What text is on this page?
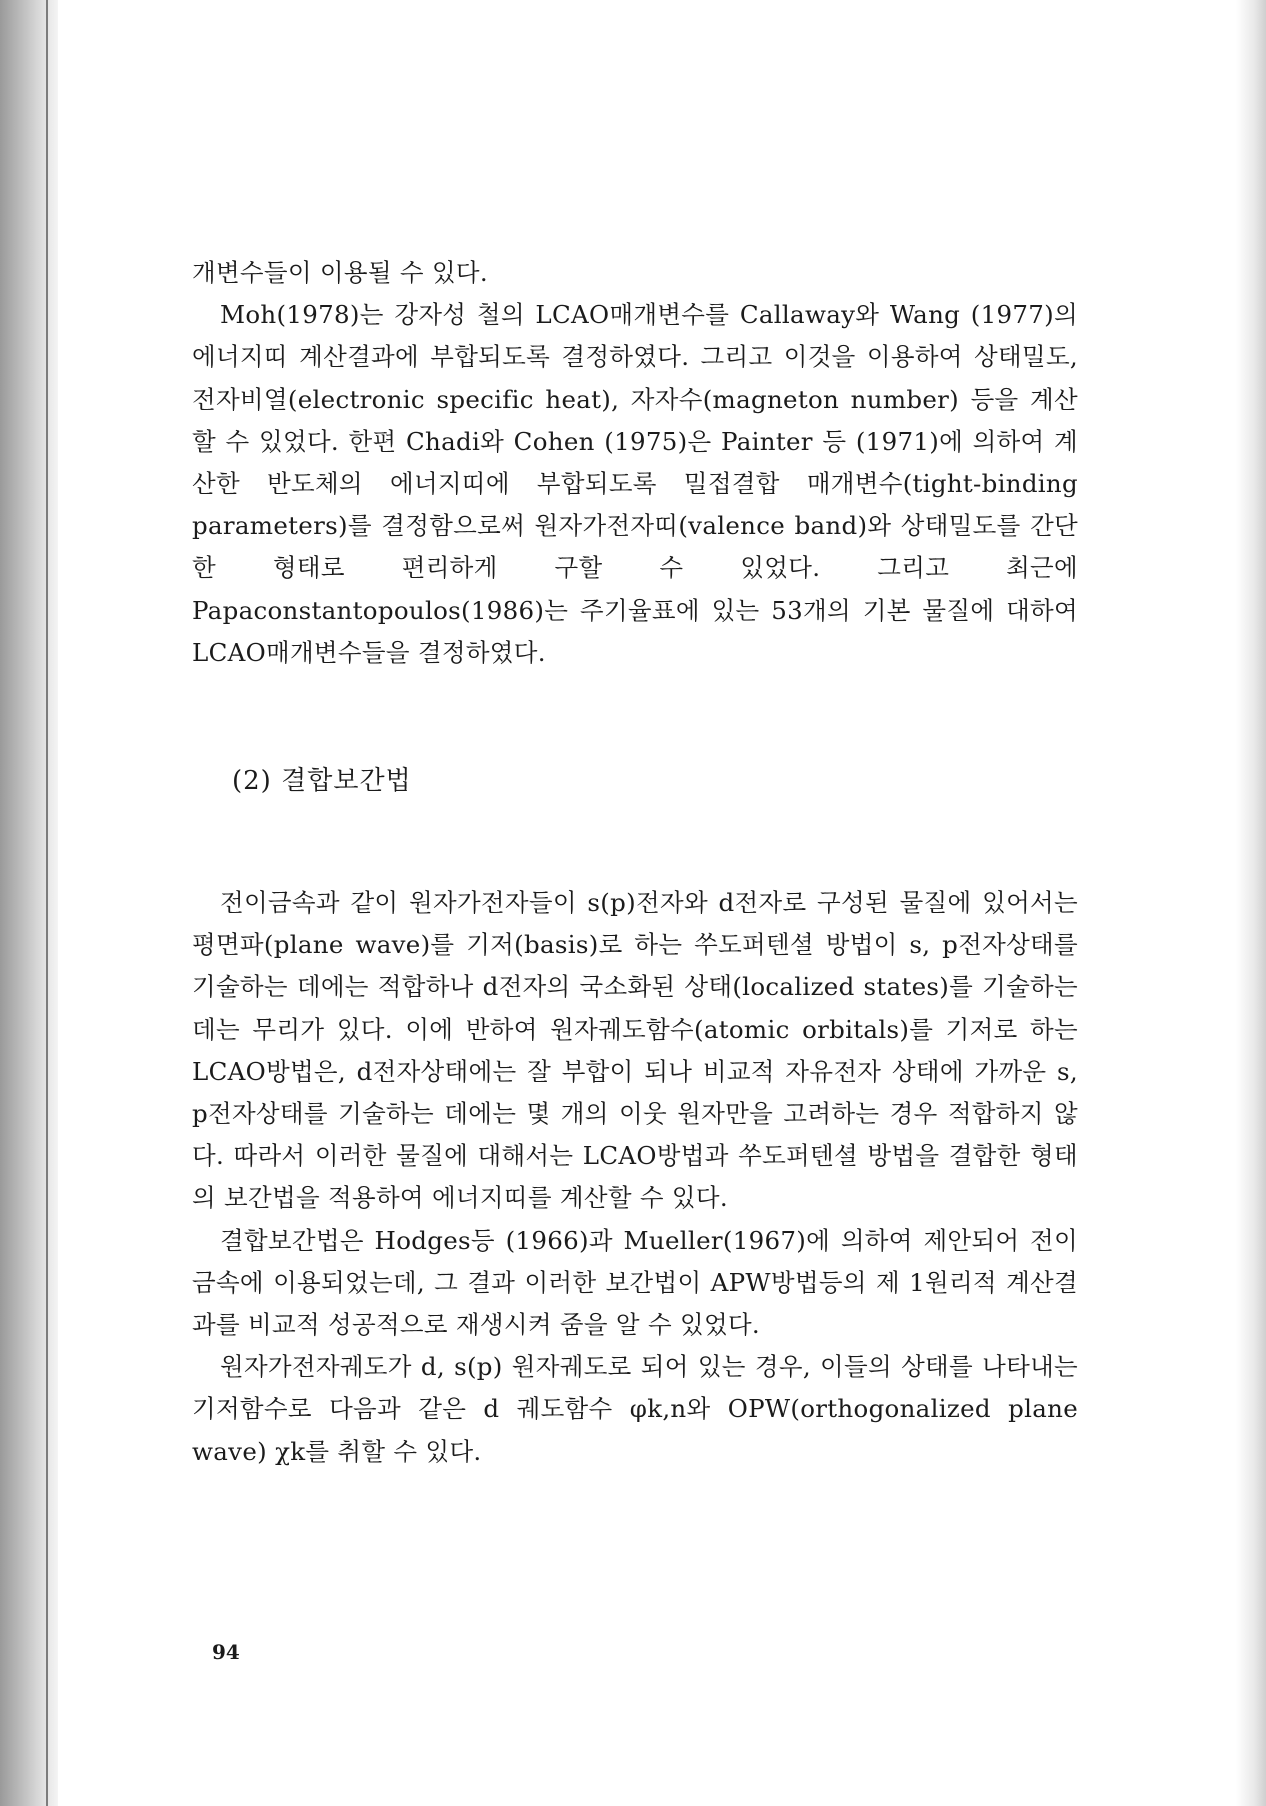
개변수들이 이용될 수 있다.

Moh(1978)는 강자성 철의 LCAO매개변수를 Callaway와 Wang (1977)의 에너지띠 계산결과에 부합되도록 결정하였다. 그리고 이것을 이용하여 상태밀도, 전자비열(electronic specific heat), 자자수(magneton number) 등을 계산할 수 있었다. 한편 Chadi와 Cohen (1975)은 Painter 등 (1971)에 의하여 계산한 반도체의 에너지띠에 부합되도록 밀접결합 매개변수(tight-binding parameters)를 결정함으로써 원자가전자띠(valence band)와 상태밀도를 간단한 형태로 편리하게 구할 수 있었다. 그리고 최근에 Papaconstantopoulos(1986)는 주기율표에 있는 53개의 기본 물질에 대하여 LCAO매개변수들을 결정하였다.

(2) 결합보간법

전이금속과 같이 원자가전자들이 s(p)전자와 d전자로 구성된 물질에 있어서는 평면파(plane wave)를 기저(basis)로 하는 쑤도퍼텐셜 방법이 s, p전자상태를 기술하는 데에는 적합하나 d전자의 국소화된 상태(localized states)를 기술하는 데는 무리가 있다. 이에 반하여 원자궤도함수(atomic orbitals)를 기저로 하는 LCAO방법은, d전자상태에는 잘 부합이 되나 비교적 자유전자 상태에 가까운 s, p전자상태를 기술하는 데에는 몇 개의 이웃 원자만을 고려하는 경우 적합하지 않다. 따라서 이러한 물질에 대해서는 LCAO방법과 쑤도퍼텐셜 방법을 결합한 형태의 보간법을 적용하여 에너지띠를 계산할 수 있다.

결합보간법은 Hodges등 (1966)과 Mueller(1967)에 의하여 제안되어 전이금속에 이용되었는데, 그 결과 이러한 보간법이 APW방법등의 제 1원리적 계산결과를 비교적 성공적으로 재생시켜 줌을 알 수 있었다.

원자가전자궤도가 d, s(p) 원자궤도로 되어 있는 경우, 이들의 상태를 나타내는 기저함수로 다음과 같은 d 궤도함수 φk,n와 OPW(orthogonalized plane wave) χk를 취할 수 있다.

94
